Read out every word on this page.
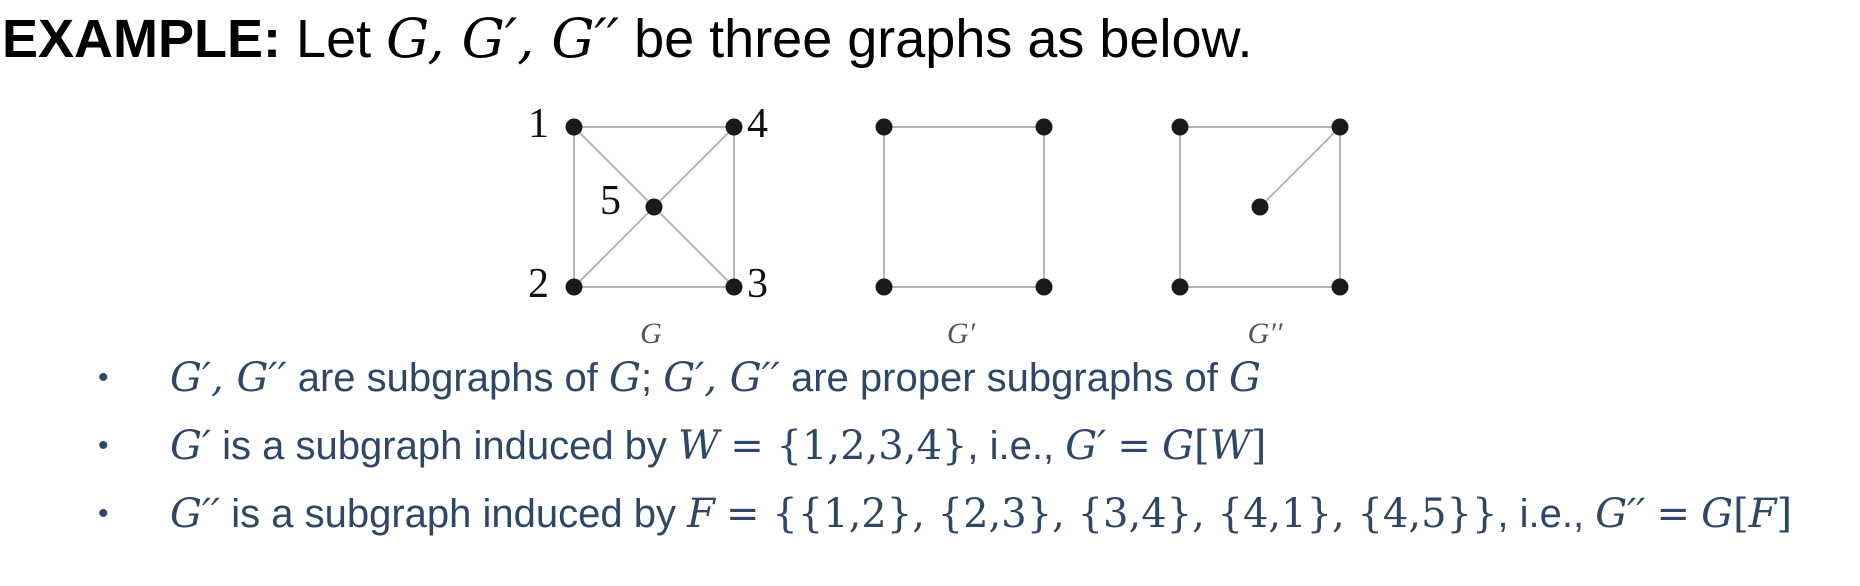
EXAMPLE: Let G, G′, G′′ be three graphs as below.
1	4
5
2	3
G	G′	G′′
• G′, G′′ are subgraphs of G; G′, G′′ are proper subgraphs of G
• G′ is a subgraph induced by W = {1,2,3,4}, i.e., G′ = G[W]
• G′′ is a subgraph induced by F = {{1,2}, {2,3}, {3,4}, {4,1}, {4,5}}, i.e., G′′ = G[F]
